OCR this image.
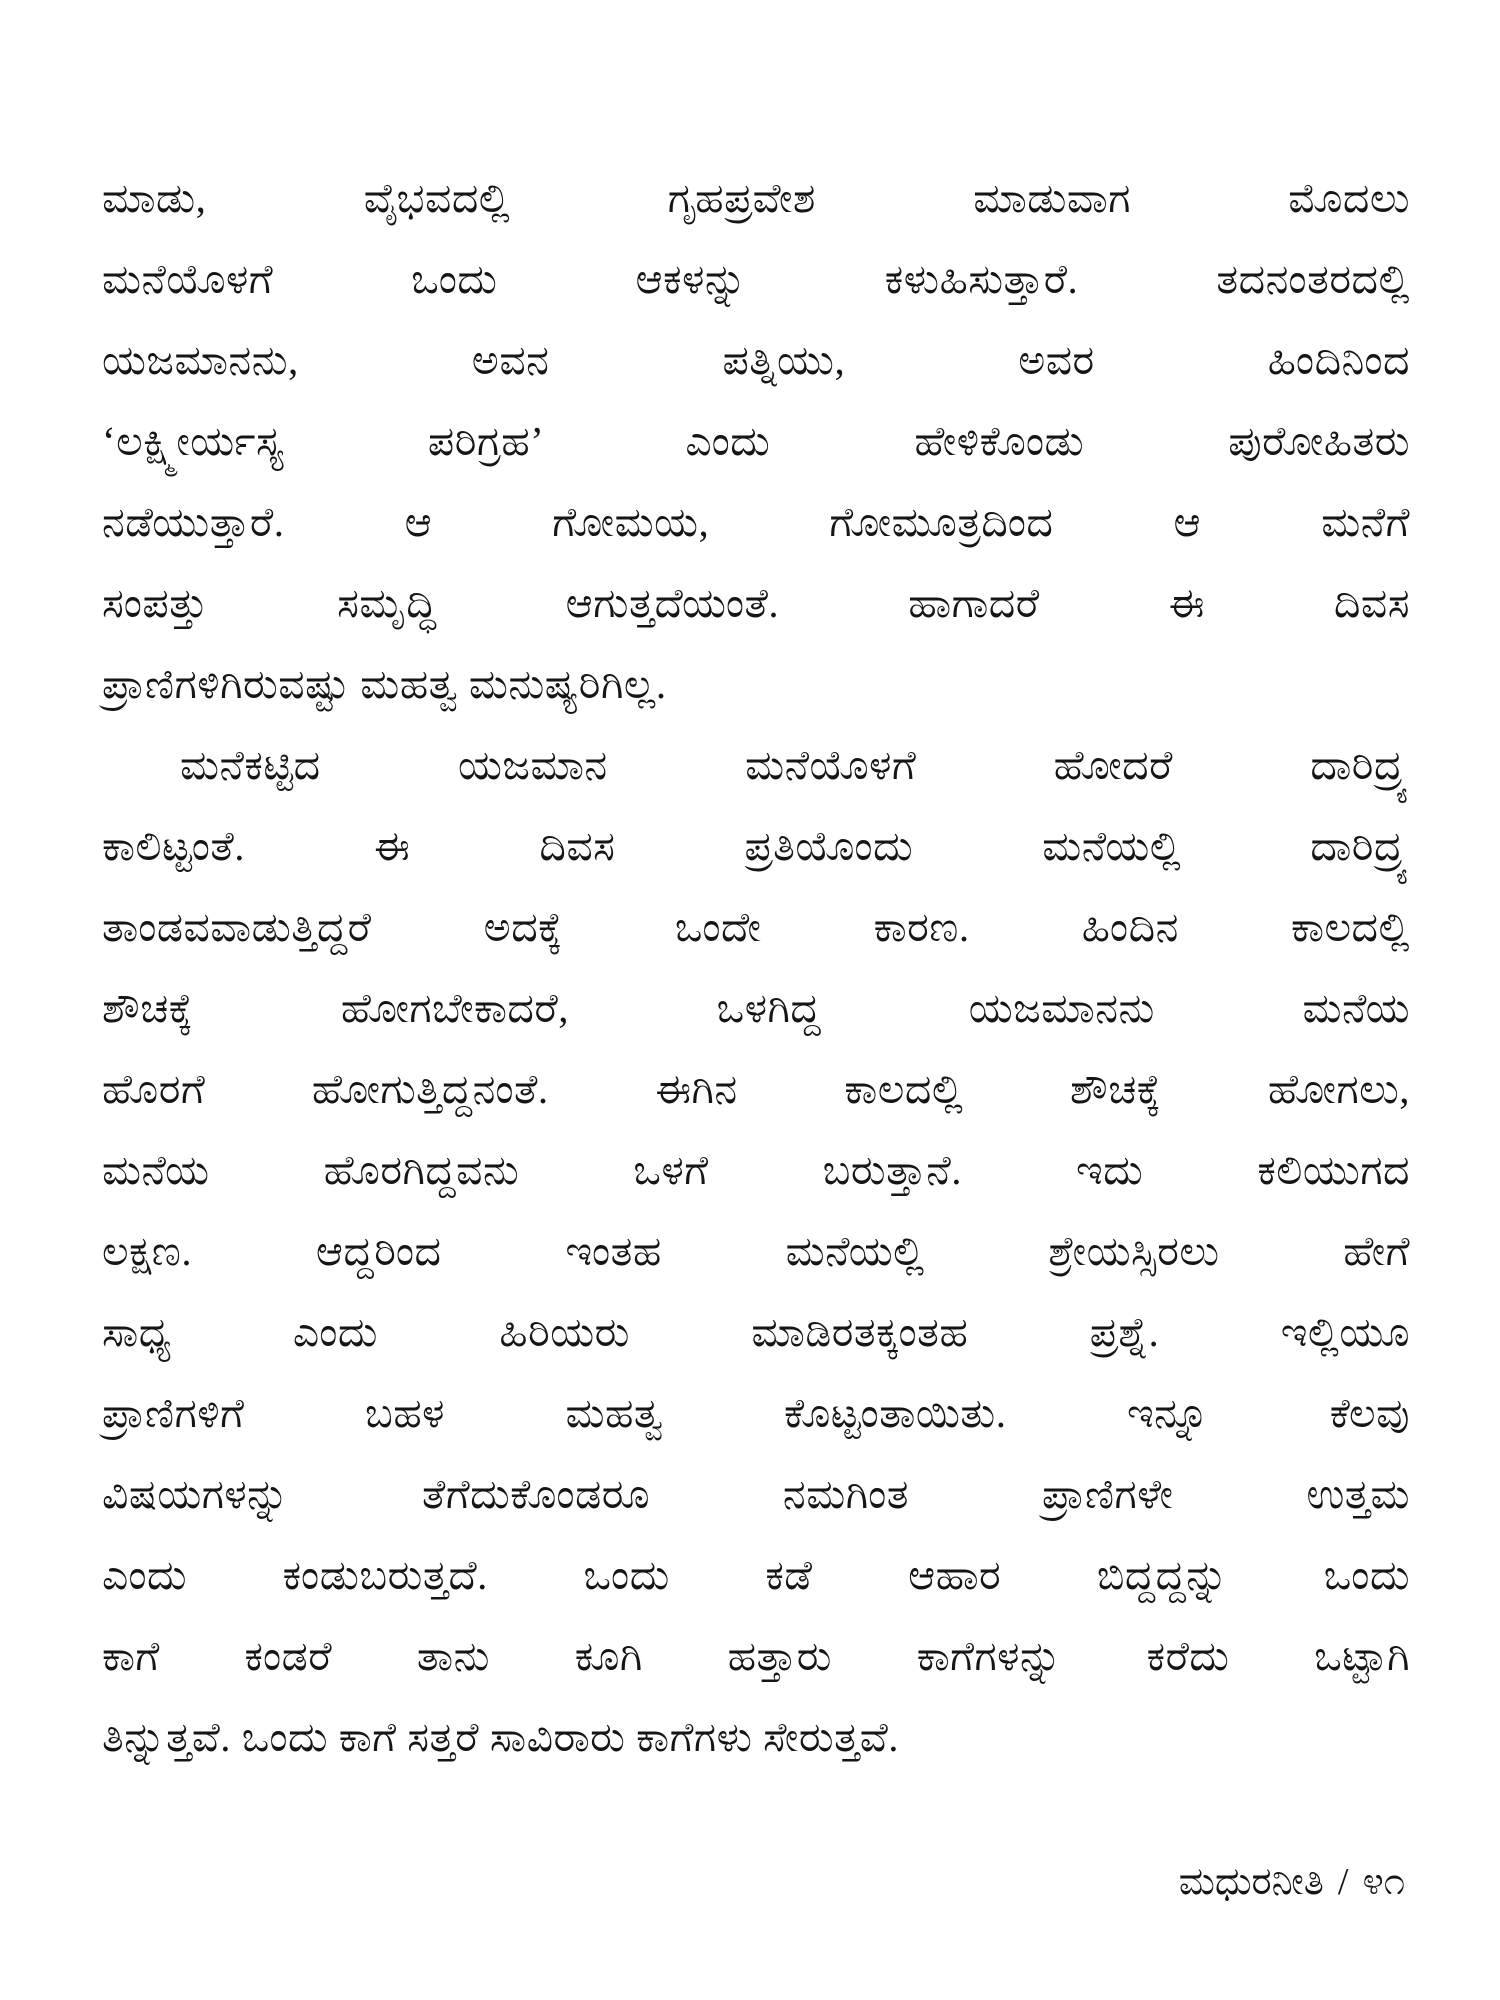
ಮಾಡು, ವೈಭವದಲ್ಲಿ ಗೃಹಪ್ರವೇಶ ಮಾಡುವಾಗ ಮೊದಲು
ಮನೆಯೊಳಗೆ ಒಂದು ಆಕಳನ್ನು ಕಳುಹಿಸುತ್ತಾರೆ. ತದನಂತರದಲ್ಲಿ
ಯಜಮಾನನು, ಅವನ ಪತ್ನಿಯು, ಅವರ ಹಿಂದಿನಿಂದ
‘ಲಕ್ಷ್ಮೀರ್ಯಸ್ಯ ಪರಿಗ್ರಹ’ ಎಂದು ಹೇಳಿಕೊಂಡು ಪುರೋಹಿತರು
ನಡೆಯುತ್ತಾರೆ. ಆ ಗೋಮಯ, ಗೋಮೂತ್ರದಿಂದ ಆ ಮನೆಗೆ
ಸಂಪತ್ತು ಸಮೃದ್ಧಿ ಆಗುತ್ತದೆಯಂತೆ. ಹಾಗಾದರೆ ಈ ದಿವಸ
ಪ್ರಾಣಿಗಳಿಗಿರುವಷ್ಟು ಮಹತ್ವ ಮನುಷ್ಯರಿಗಿಲ್ಲ.
ಮನೆಕಟ್ಟಿದ ಯಜಮಾನ ಮನೆಯೊಳಗೆ ಹೋದರೆ ದಾರಿದ್ರ್ಯ
ಕಾಲಿಟ್ಟಂತೆ. ಈ ದಿವಸ ಪ್ರತಿಯೊಂದು ಮನೆಯಲ್ಲಿ ದಾರಿದ್ರ್ಯ
ತಾಂಡವವಾಡುತ್ತಿದ್ದರೆ ಅದಕ್ಕೆ ಒಂದೇ ಕಾರಣ. ಹಿಂದಿನ ಕಾಲದಲ್ಲಿ
ಶೌಚಕ್ಕೆ ಹೋಗಬೇಕಾದರೆ, ಒಳಗಿದ್ದ ಯಜಮಾನನು ಮನೆಯ
ಹೊರಗೆ ಹೋಗುತ್ತಿದ್ದನಂತೆ. ಈಗಿನ ಕಾಲದಲ್ಲಿ ಶೌಚಕ್ಕೆ ಹೋಗಲು,
ಮನೆಯ ಹೊರಗಿದ್ದವನು ಒಳಗೆ ಬರುತ್ತಾನೆ. ಇದು ಕಲಿಯುಗದ
ಲಕ್ಷಣ. ಆದ್ದರಿಂದ ಇಂತಹ ಮನೆಯಲ್ಲಿ ಶ್ರೇಯಸ್ಸಿರಲು ಹೇಗೆ
ಸಾಧ್ಯ ಎಂದು ಹಿರಿಯರು ಮಾಡಿರತಕ್ಕಂತಹ ಪ್ರಶ್ನೆ. ಇಲ್ಲಿಯೂ
ಪ್ರಾಣಿಗಳಿಗೆ ಬಹಳ ಮಹತ್ವ ಕೊಟ್ಟಂತಾಯಿತು. ಇನ್ನೂ ಕೆಲವು
ವಿಷಯಗಳನ್ನು ತೆಗೆದುಕೊಂಡರೂ ನಮಗಿಂತ ಪ್ರಾಣಿಗಳೇ ಉತ್ತಮ
ಎಂದು ಕಂಡುಬರುತ್ತದೆ. ಒಂದು ಕಡೆ ಆಹಾರ ಬಿದ್ದದ್ದನ್ನು ಒಂದು
ಕಾಗೆ ಕಂಡರೆ ತಾನು ಕೂಗಿ ಹತ್ತಾರು ಕಾಗೆಗಳನ್ನು ಕರೆದು ಒಟ್ಟಾಗಿ
ತಿನ್ನುತ್ತವೆ. ಒಂದು ಕಾಗೆ ಸತ್ತರೆ ಸಾವಿರಾರು ಕಾಗೆಗಳು ಸೇರುತ್ತವೆ.
ಮಧುರನೀತಿ / ೪೧
